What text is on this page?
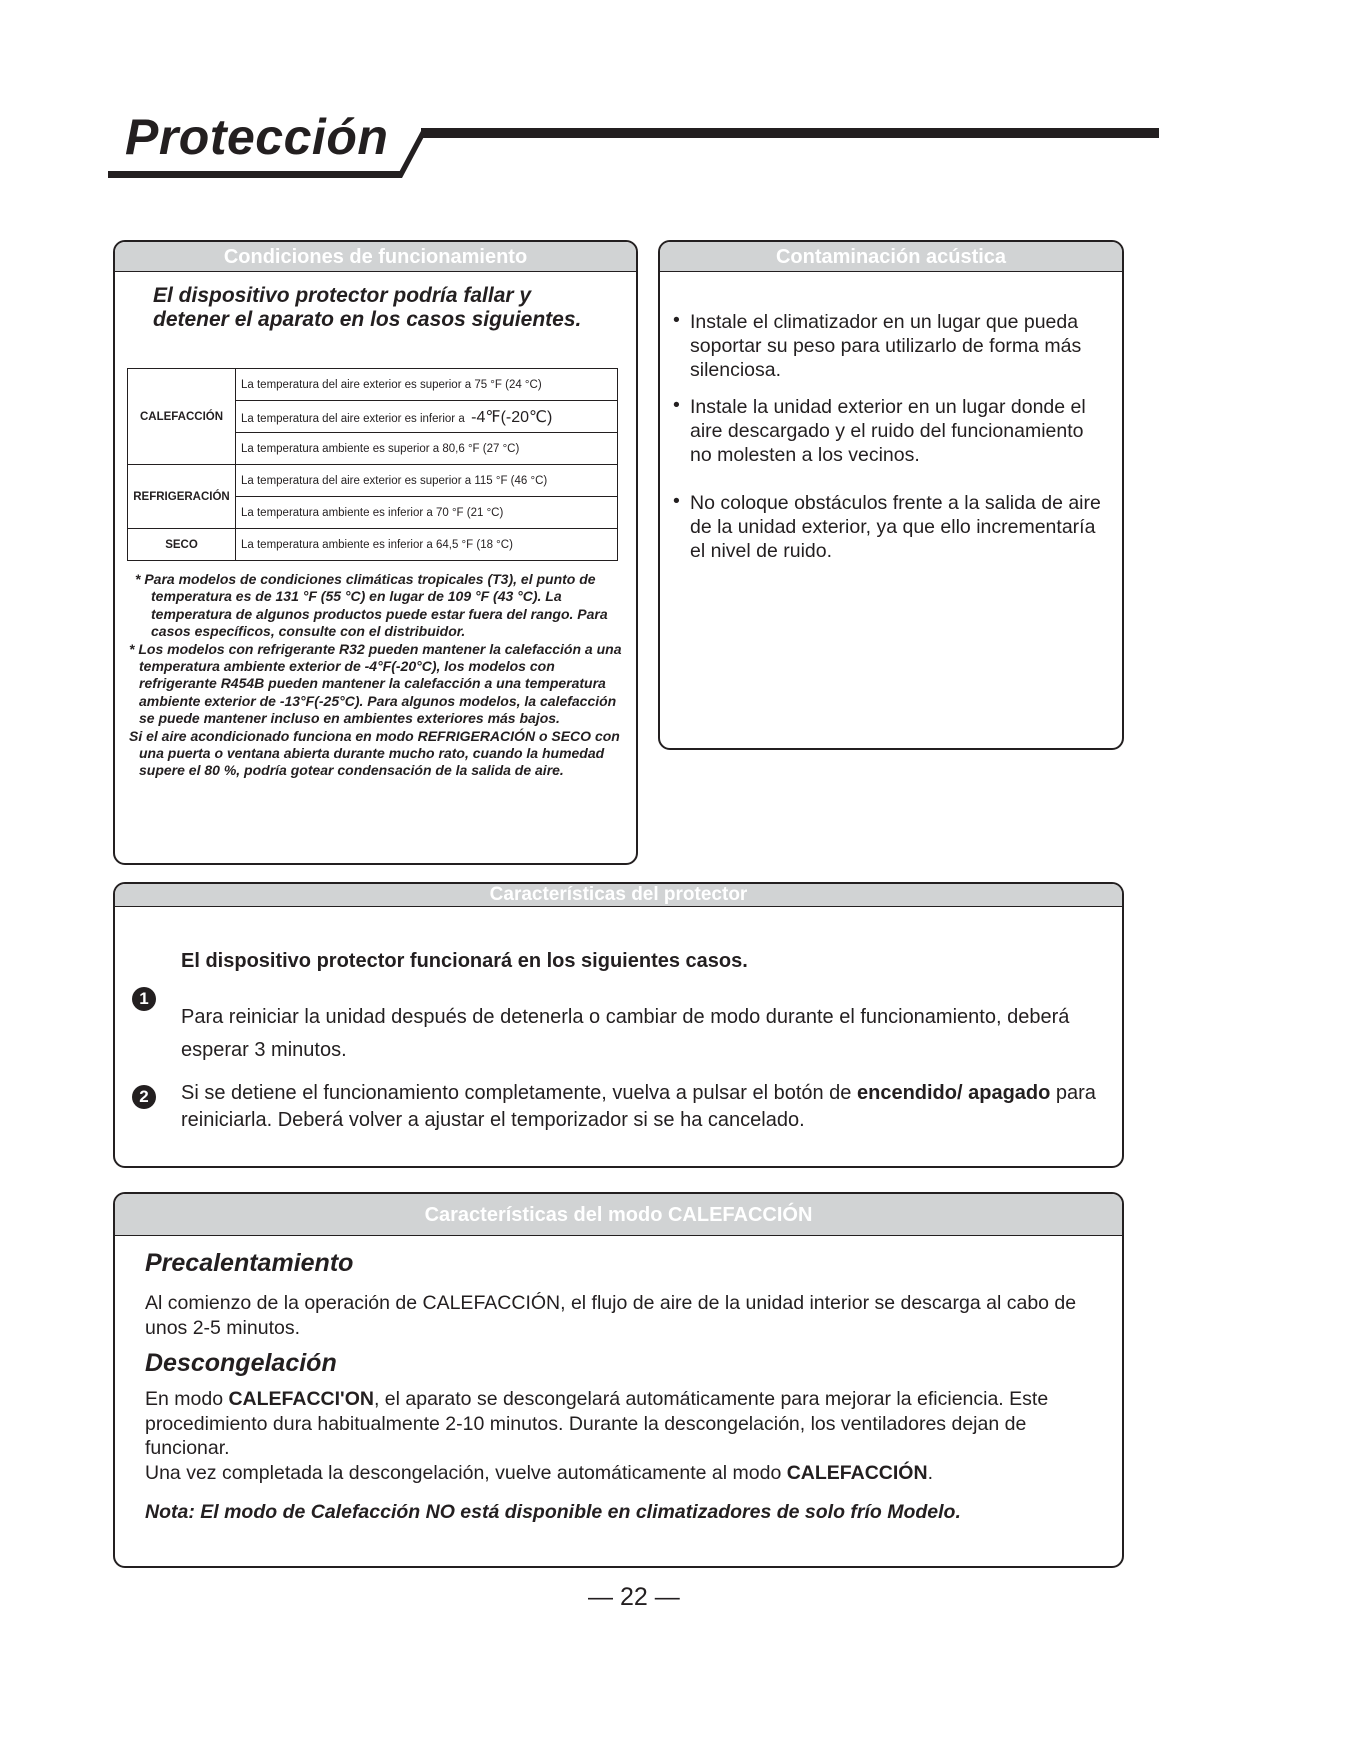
Protección
Condiciones de funcionamiento
El dispositivo protector podría fallar y detener el aparato en los casos siguientes.
CALEFACCIÓN	La temperatura del aire exterior es superior a 75 °F (24 °C)
	La temperatura del aire exterior es inferior a -4℉(-20℃)
	La temperatura ambiente es superior a 80,6 °F (27 °C)
REFRIGERACIÓN	La temperatura del aire exterior es superior a 115 °F (46 °C)
	La temperatura ambiente es inferior a 70 °F (21 °C)
SECO	La temperatura ambiente es inferior a 64,5 °F (18 °C)

* Para modelos de condiciones climáticas tropicales (T3), el punto de temperatura es de 131 °F (55 °C) en lugar de 109 °F (43 °C). La temperatura de algunos productos puede estar fuera del rango. Para casos específicos, consulte con el distribuidor.

* Los modelos con refrigerante R32 pueden mantener la calefacción a una temperatura ambiente exterior de -4°F(-20°C), los modelos con refrigerante R454B pueden mantener la calefacción a una temperatura ambiente exterior de -13°F(-25°C). Para algunos modelos, la calefacción se puede mantener incluso en ambientes exteriores más bajos.

Si el aire acondicionado funciona en modo REFRIGERACIÓN o SECO con una puerta o ventana abierta durante mucho rato, cuando la humedad supere el 80 %, podría gotear condensación de la salida de aire.

Contaminación acústica
• Instale el climatizador en un lugar que pueda soportar su peso para utilizarlo de forma más silenciosa.
• Instale la unidad exterior en un lugar donde el aire descargado y el ruido del funcionamiento no molesten a los vecinos.
• No coloque obstáculos frente a la salida de aire de la unidad exterior, ya que ello incrementaría el nivel de ruido.
Características del protector
El dispositivo protector funcionará en los siguientes casos.
1
Para reiniciar la unidad después de detenerla o cambiar de modo durante el funcionamiento, deberá esperar 3 minutos.
2	Si se detiene el funcionamiento completamente, vuelva a pulsar el botón de encendido/ apagado para reiniciarla. Deberá volver a ajustar el temporizador si se ha cancelado.
Características del modo CALEFACCIÓN
Precalentamiento
Al comienzo de la operación de CALEFACCIÓN, el flujo de aire de la unidad interior se descarga al cabo de unos 2-5 minutos.
Descongelación
En modo CALEFACCI'ON, el aparato se descongelará automáticamente para mejorar la eficiencia. Este procedimiento dura habitualmente 2-10 minutos. Durante la descongelación, los ventiladores dejan de funcionar.
Una vez completada la descongelación, vuelve automáticamente al modo CALEFACCIÓN.
Nota: El modo de Calefacción NO está disponible en climatizadores de solo frío Modelo.
— 22 —
